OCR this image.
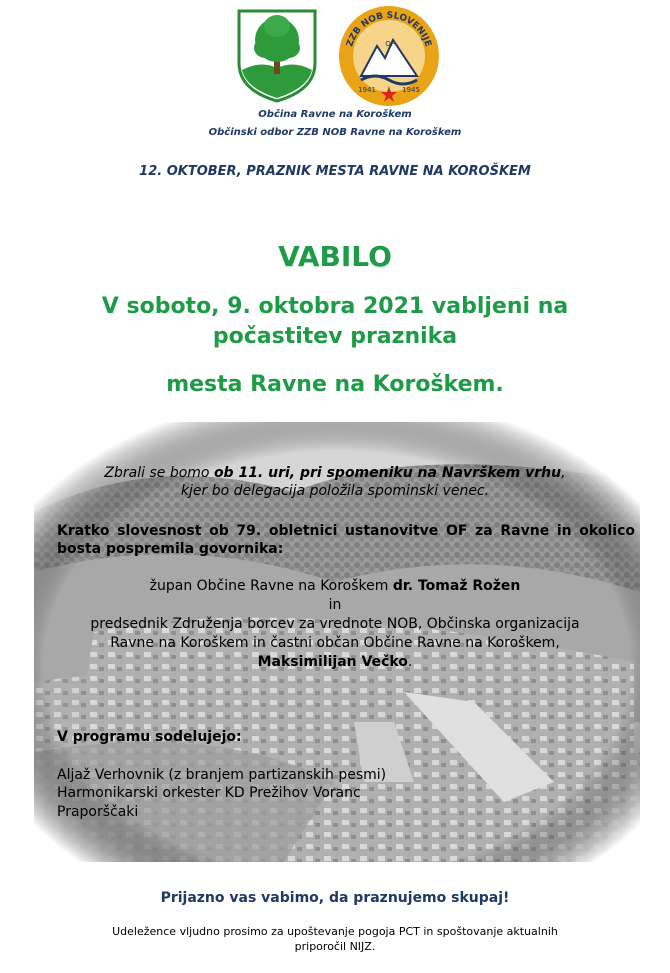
ZZB NOB SLOVENIJE
OF
1941	1945
Občina Ravne na Koroškem
Občinski odbor ZZB NOB Ravne na Koroškem
12. OKTOBER, PRAZNIK MESTA RAVNE NA KOROŠKEM
VABILO
V soboto, 9. oktobra 2021 vabljeni na
počastitev praznika
mesta Ravne na Koroškem.
Zbrali se bomo ob 11. uri, pri spomeniku na Navrškem vrhu,
kjer bo delegacija položila spominski venec.
Kratko slovesnost ob 79. obletnici ustanovitve OF za Ravne in okolico bosta pospremila govornika:
župan Občine Ravne na Koroškem dr. Tomaž Rožen
in
predsednik Združenja borcev za vrednote NOB, Občinska organizacija
Ravne na Koroškem in častni občan Občine Ravne na Koroškem,
Maksimilijan Večko.
V programu sodelujejo:
Aljaž Verhovnik (z branjem partizanskih pesmi)
Harmonikarski orkester KD Prežihov Voranc
Praporščaki
Prijazno vas vabimo, da praznujemo skupaj!
Udeležence vljudno prosimo za upoštevanje pogoja PCT in spoštovanje aktualnih
priporočil NIJZ.
